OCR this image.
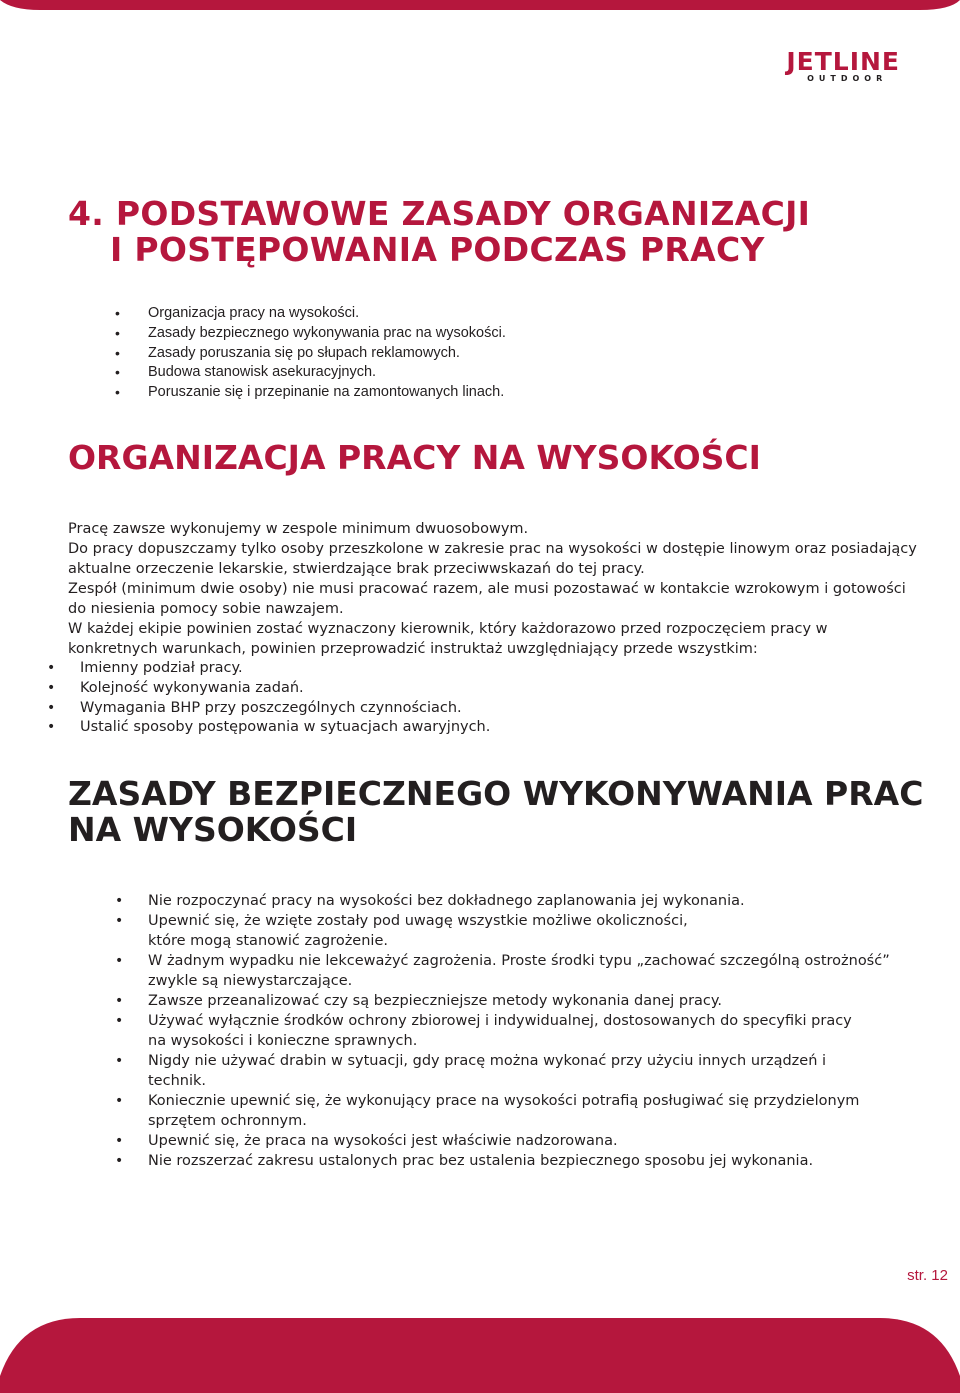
JETLINE
OUTDOOR
4. PODSTAWOWE ZASADY ORGANIZACJI
I POSTĘPOWANIA PODCZAS PRACY
• Organizacja pracy na wysokości.
• Zasady bezpiecznego wykonywania prac na wysokości.
• Zasady poruszania się po słupach reklamowych.
• Budowa stanowisk asekuracyjnych.
• Poruszanie się i przepinanie na zamontowanych linach.
ORGANIZACJA PRACY NA WYSOKOŚCI

Pracę zawsze wykonujemy w zespole minimum dwuosobowym.

Do pracy dopuszczamy tylko osoby przeszkolone w zakresie prac na wysokości w dostępie linowym oraz posiadający aktualne orzeczenie lekarskie, stwierdzające brak przeciwwskazań do tej pracy.

Zespół (minimum dwie osoby) nie musi pracować razem, ale musi pozostawać w kontakcie wzrokowym i gotowości do niesienia pomocy sobie nawzajem.

W każdej ekipie powinien zostać wyznaczony kierownik, który każdorazowo przed rozpoczęciem pracy w konkretnych warunkach, powinien przeprowadzić instruktaż uwzględniający przede wszystkim:

• Imienny podział pracy.
• Kolejność wykonywania zadań.
• Wymagania BHP przy poszczególnych czynnościach.
• Ustalić sposoby postępowania w sytuacjach awaryjnych.
ZASADY BEZPIECZNEGO WYKONYWANIA PRAC
NA WYSOKOŚCI
• Nie rozpoczynać pracy na wysokości bez dokładnego zaplanowania jej wykonania.
• Upewnić się, że wzięte zostały pod uwagę wszystkie możliwe okoliczności, które mogą stanowić zagrożenie.
• W żadnym wypadku nie lekceważyć zagrożenia. Proste środki typu „zachować szczególną ostrożność” zwykle są niewystarczające.
• Zawsze przeanalizować czy są bezpieczniejsze metody wykonania danej pracy.
• Używać wyłącznie środków ochrony zbiorowej i indywidualnej, dostosowanych do specyfiki pracy na wysokości i konieczne sprawnych.
• Nigdy nie używać drabin w sytuacji, gdy pracę można wykonać przy użyciu innych urządzeń i technik.
• Koniecznie upewnić się, że wykonujący prace na wysokości potrafią posługiwać się przydzielonym sprzętem ochronnym.
• Upewnić się, że praca na wysokości jest właściwie nadzorowana.
• Nie rozszerzać zakresu ustalonych prac bez ustalenia bezpiecznego sposobu jej wykonania.
str. 12
